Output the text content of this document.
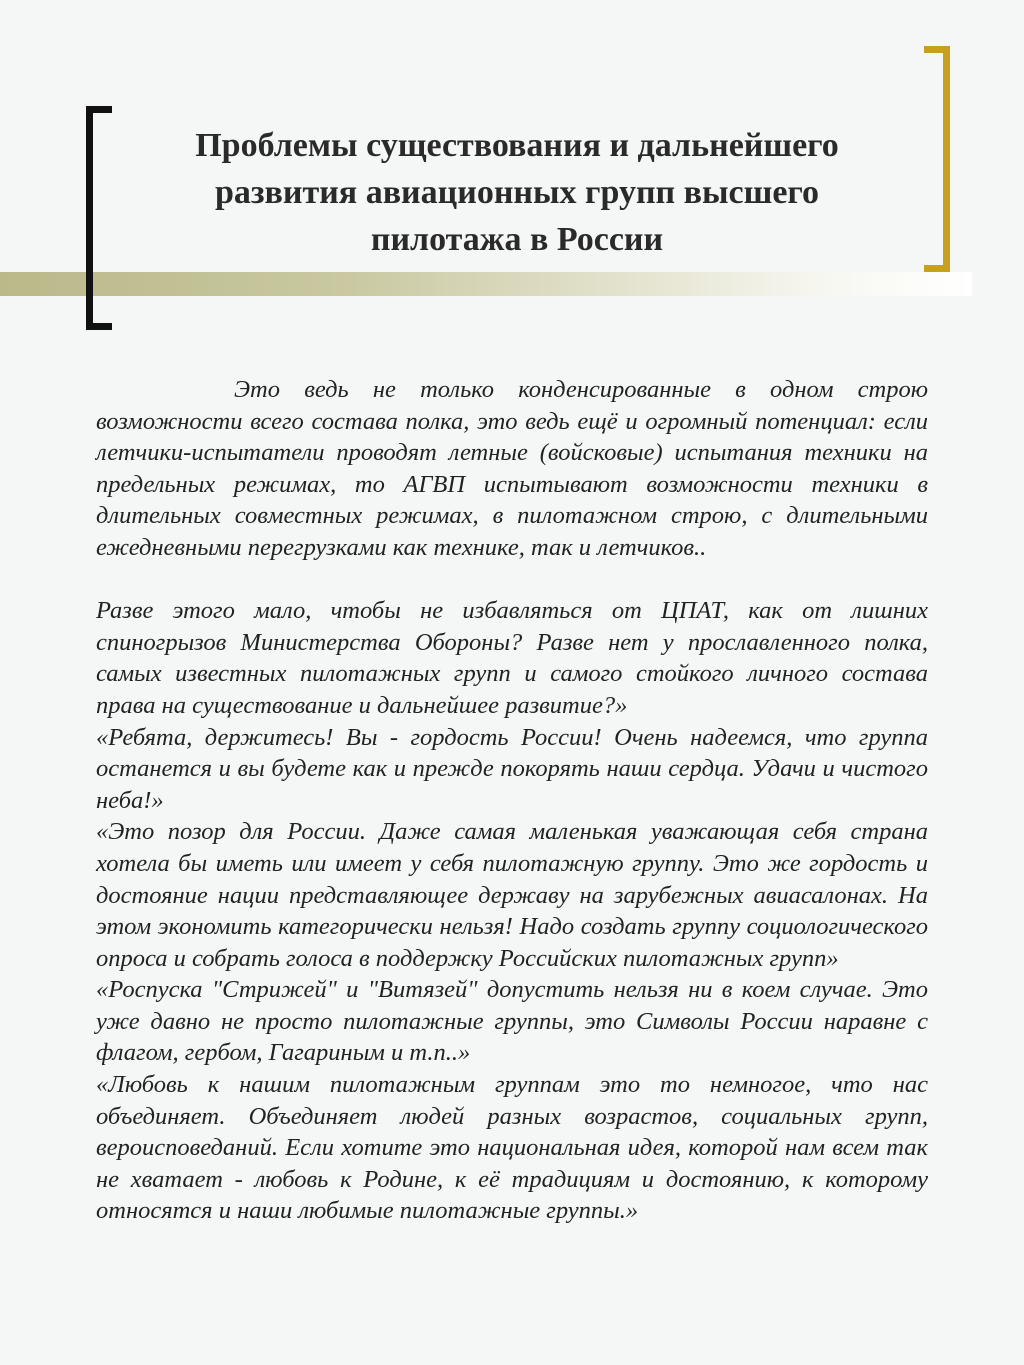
Проблемы существования и дальнейшего развития авиационных групп высшего пилотажа в России

Это ведь не только конденсированные в одном строю возможности всего состава полка, это ведь ещё и огромный потенциал: если летчики-испытатели проводят летные (войсковые) испытания техники на предельных режимах, то АГВП испытывают возможности техники в длительных совместных режимах, в пилотажном строю, с длительными ежедневными перегрузками как технике, так и летчиков..

Разве этого мало, чтобы не избавляться от ЦПАТ, как от лишних спиногрызов Министерства Обороны? Разве нет у прославленного полка, самых известных пилотажных групп и самого стойкого личного состава права на существование и дальнейшее развитие?»

«Ребята, держитесь! Вы - гордость России! Очень надеемся, что группа останется и вы будете как и прежде покорять наши сердца. Удачи и чистого неба!»

«Это позор для России. Даже самая маленькая уважающая себя страна хотела бы иметь или имеет у себя пилотажную группу. Это же гордость и достояние нации представляющее державу на зарубежных авиасалонах. На этом экономить категорически нельзя! Надо создать группу социологического опроса и собрать голоса в поддержку Российских пилотажных групп»

«Роспуска "Стрижей" и "Витязей" допустить нельзя ни в коем случае. Это уже давно не просто пилотажные группы, это Символы России наравне с флагом, гербом, Гагариным и т.п..»

«Любовь к нашим пилотажным группам это то немногое, что нас объединяет. Объединяет людей разных возрастов, социальных групп, вероисповеданий. Если хотите это национальная идея, которой нам всем так не хватает - любовь к Родине, к её традициям и достоянию, к которому относятся и наши любимые пилотажные группы.»
